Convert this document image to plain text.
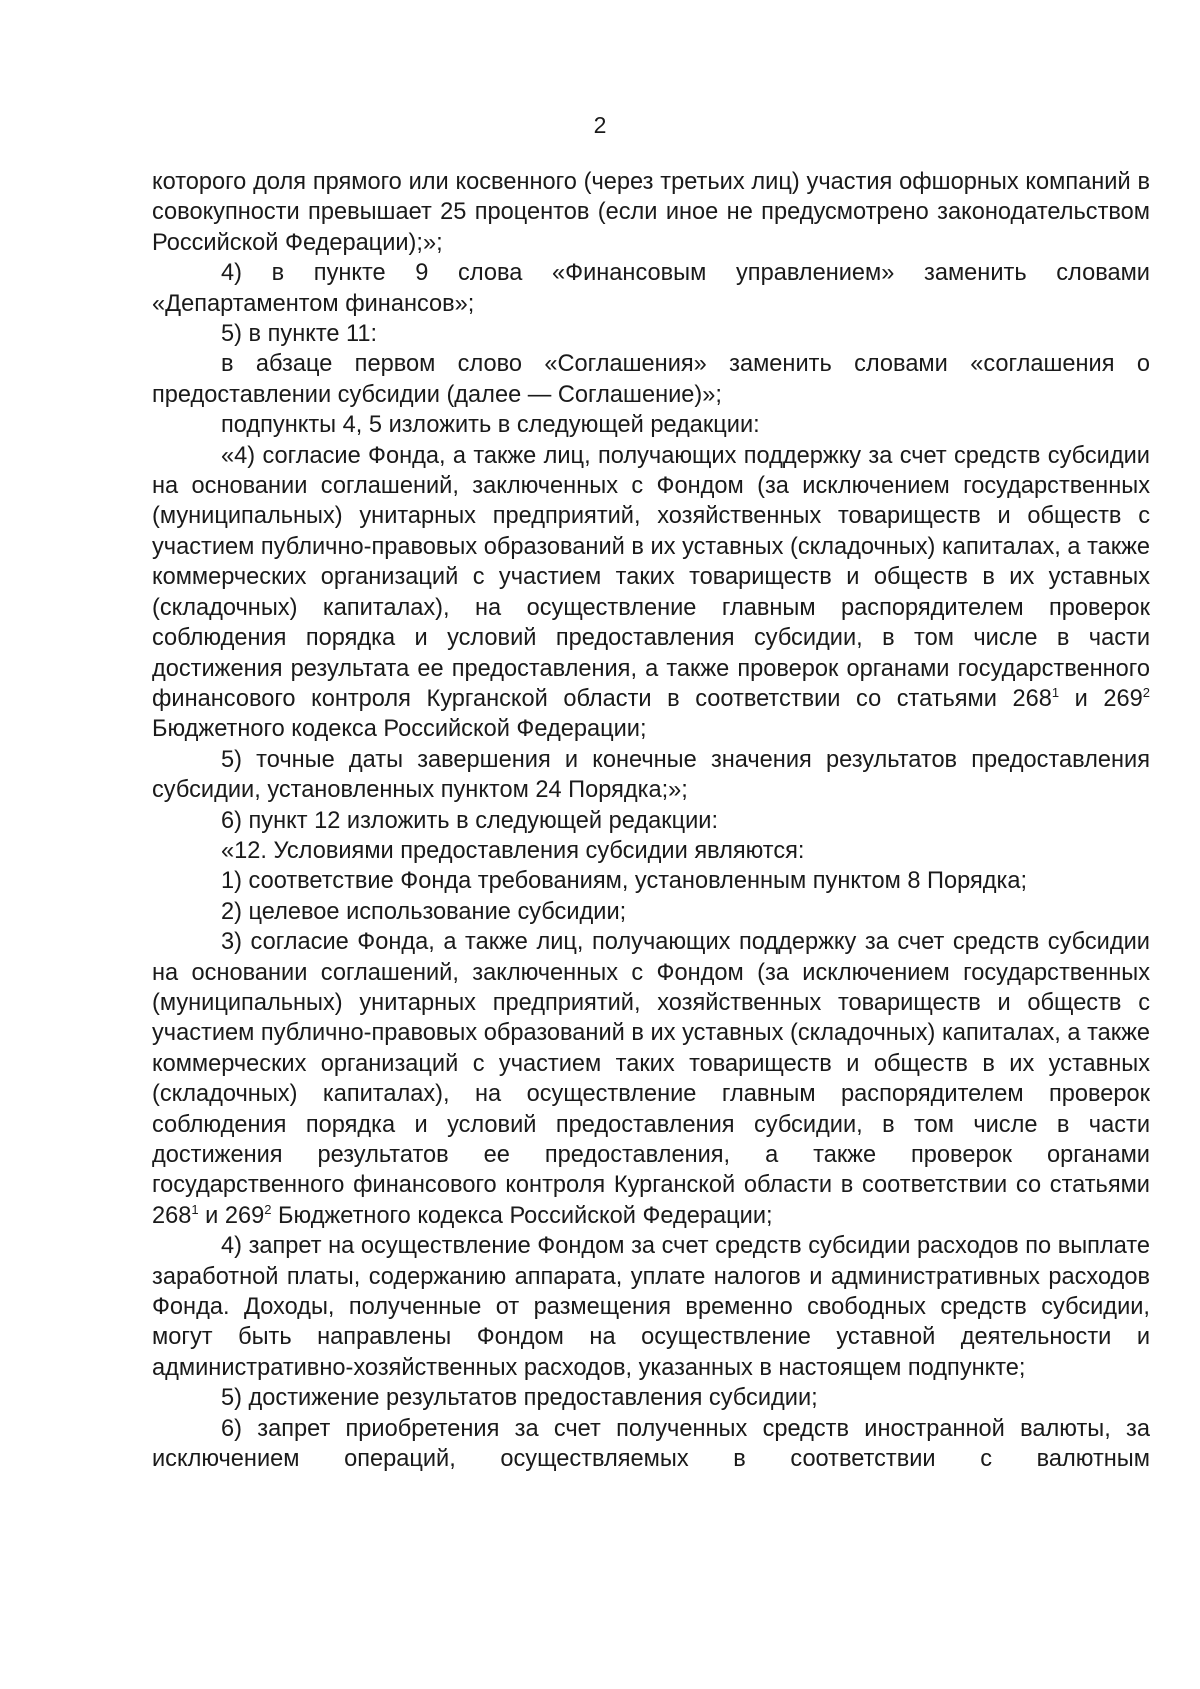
2

которого доля прямого или косвенного (через третьих лиц) участия офшорных компаний в совокупности превышает 25 процентов (если иное не предусмотрено законодательством Российской Федерации);»;

4) в пункте 9 слова «Финансовым управлением» заменить словами «Департаментом финансов»;

5) в пункте 11:

в абзаце первом слово «Соглашения» заменить словами «соглашения о предоставлении субсидии (далее — Соглашение)»;

подпункты 4, 5 изложить в следующей редакции:

«4) согласие Фонда, а также лиц, получающих поддержку за счет средств субсидии на основании соглашений, заключенных с Фондом (за исключением государственных (муниципальных) унитарных предприятий, хозяйственных товариществ и обществ с участием публично-правовых образований в их уставных (складочных) капиталах, а также коммерческих организаций с участием таких товариществ и обществ в их уставных (складочных) капиталах), на осуществление главным распорядителем проверок соблюдения порядка и условий предоставления субсидии, в том числе в части достижения результата ее предоставления, а также проверок органами государственного финансового контроля Курганской области в соответствии со статьями $268^1$ и $269^2$ Бюджетного кодекса Российской Федерации;

5) точные даты завершения и конечные значения результатов предоставления субсидии, установленных пунктом 24 Порядка;»;

6) пункт 12 изложить в следующей редакции:

«12. Условиями предоставления субсидии являются:

1) соответствие Фонда требованиям, установленным пунктом 8 Порядка;

2) целевое использование субсидии;

3) согласие Фонда, а также лиц, получающих поддержку за счет средств субсидии на основании соглашений, заключенных с Фондом (за исключением государственных (муниципальных) унитарных предприятий, хозяйственных товариществ и обществ с участием публично-правовых образований в их уставных (складочных) капиталах, а также коммерческих организаций с участием таких товариществ и обществ в их уставных (складочных) капиталах), на осуществление главным распорядителем проверок соблюдения порядка и условий предоставления субсидии, в том числе в части достижения результатов ее предоставления, а также проверок органами государственного финансового контроля Курганской области в соответствии со статьями $268^1$ и $269^2$ Бюджетного кодекса Российской Федерации;

4) запрет на осуществление Фондом за счет средств субсидии расходов по выплате заработной платы, содержанию аппарата, уплате налогов и административных расходов Фонда. Доходы, полученные от размещения временно свободных средств субсидии, могут быть направлены Фондом на осуществление уставной деятельности и административно-хозяйственных расходов, указанных в настоящем подпункте;

5) достижение результатов предоставления субсидии;

6) запрет приобретения за счет полученных средств иностранной валюты, за исключением операций, осуществляемых в соответствии с валютным
